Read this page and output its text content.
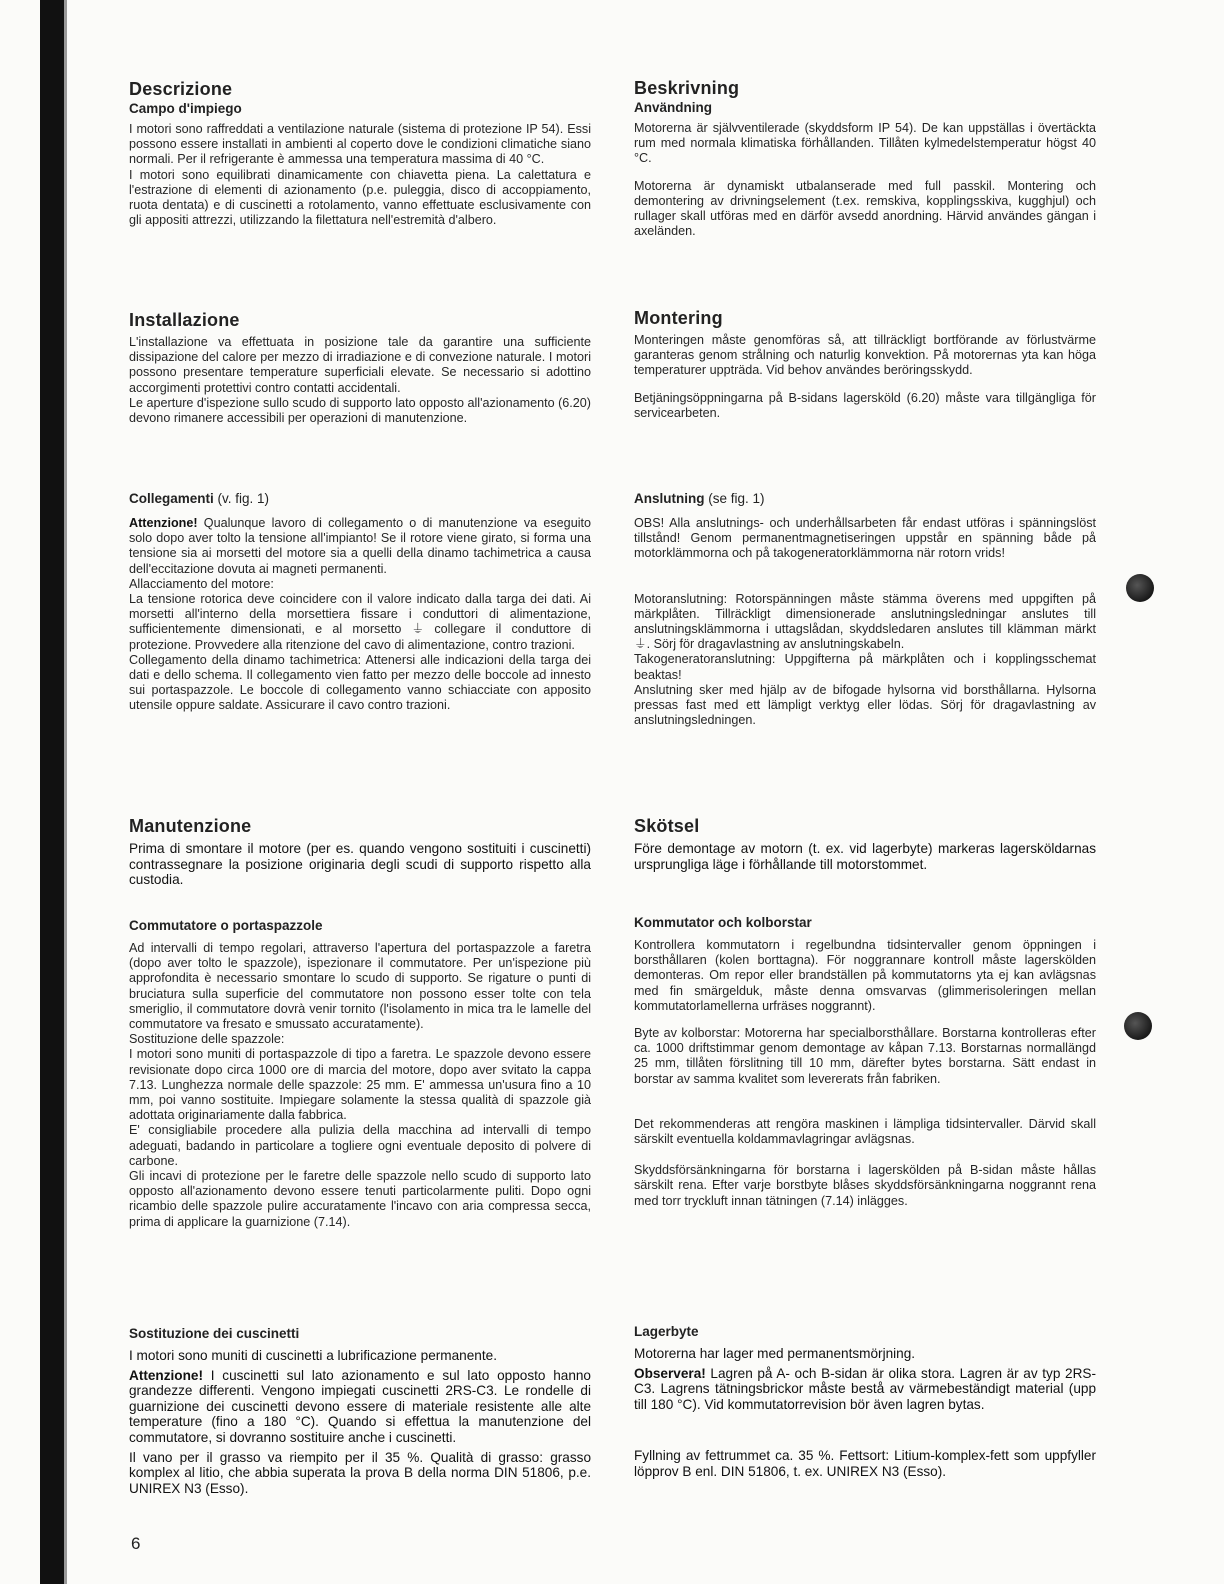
Descrizione
Campo d'impiego

I motori sono raffreddati a ventilazione naturale (sistema di protezione IP 54). Essi possono essere installati in ambienti al coperto dove le condizioni climatiche siano normali. Per il refrigerante è ammessa una temperatura massima di 40 °C.

I motori sono equilibrati dinamicamente con chiavetta piena. La calettatura e l'estrazione di elementi di azionamento (p.e. puleggia, disco di accoppiamento, ruota dentata) e di cuscinetti a rotolamento, vanno effettuate esclusivamente con gli appositi attrezzi, utilizzando la filettatura nell'estremità d'albero.

Installazione

L'installazione va effettuata in posizione tale da garantire una sufficiente dissipazione del calore per mezzo di irradiazione e di convezione naturale. I motori possono presentare temperature superficiali elevate. Se necessario si adottino accorgimenti protettivi contro contatti accidentali.

Le aperture d'ispezione sullo scudo di supporto lato opposto all'azionamento (6.20) devono rimanere accessibili per operazioni di manutenzione.

Collegamenti (v. fig. 1)

Attenzione! Qualunque lavoro di collegamento o di manutenzione va eseguito solo dopo aver tolto la tensione all'impianto! Se il rotore viene girato, si forma una tensione sia ai morsetti del motore sia a quelli della dinamo tachimetrica a causa dell'eccitazione dovuta ai magneti permanenti.

Allacciamento del motore:

La tensione rotorica deve coincidere con il valore indicato dalla targa dei dati. Ai morsetti all'interno della morsettiera fissare i conduttori di alimentazione, sufficientemente dimensionati, e al morsetto ⏚ collegare il conduttore di protezione. Provvedere alla ritenzione del cavo di alimentazione, contro trazioni.

Collegamento della dinamo tachimetrica: Attenersi alle indicazioni della targa dei dati e dello schema. Il collegamento vien fatto per mezzo delle boccole ad innesto sui portaspazzole. Le boccole di collegamento vanno schiacciate con apposito utensile oppure saldate. Assicurare il cavo contro trazioni.

Manutenzione

Prima di smontare il motore (per es. quando vengono sostituiti i cuscinetti) contrassegnare la posizione originaria degli scudi di supporto rispetto alla custodia.

Commutatore o portaspazzole

Ad intervalli di tempo regolari, attraverso l'apertura del portaspazzole a faretra (dopo aver tolto le spazzole), ispezionare il commutatore. Per un'ispezione più approfondita è necessario smontare lo scudo di supporto. Se rigature o punti di bruciatura sulla superficie del commutatore non possono esser tolte con tela smeriglio, il commutatore dovrà venir tornito (l'isolamento in mica tra le lamelle del commutatore va fresato e smussato accuratamente).

Sostituzione delle spazzole:

I motori sono muniti di portaspazzole di tipo a faretra. Le spazzole devono essere revisionate dopo circa 1000 ore di marcia del motore, dopo aver svitato la cappa 7.13. Lunghezza normale delle spazzole: 25 mm. E' ammessa un'usura fino a 10 mm, poi vanno sostituite. Impiegare solamente la stessa qualità di spazzole già adottata originariamente dalla fabbrica.

E' consigliabile procedere alla pulizia della macchina ad intervalli di tempo adeguati, badando in particolare a togliere ogni eventuale deposito di polvere di carbone.

Gli incavi di protezione per le faretre delle spazzole nello scudo di supporto lato opposto all'azionamento devono essere tenuti particolarmente puliti. Dopo ogni ricambio delle spazzole pulire accuratamente l'incavo con aria compressa secca, prima di applicare la guarnizione (7.14).

Sostituzione dei cuscinetti

I motori sono muniti di cuscinetti a lubrificazione permanente.

Attenzione! I cuscinetti sul lato azionamento e sul lato opposto hanno grandezze differenti. Vengono impiegati cuscinetti 2RS-C3. Le rondelle di guarnizione dei cuscinetti devono essere di materiale resistente alle alte temperature (fino a 180 °C). Quando si effettua la manutenzione del commutatore, si dovranno sostituire anche i cuscinetti.

Il vano per il grasso va riempito per il 35 %. Qualità di grasso: grasso komplex al litio, che abbia superata la prova B della norma DIN 51806, p.e. UNIREX N3 (Esso).

Beskrivning
Användning

Motorerna är självventilerade (skyddsform IP 54). De kan uppställas i övertäckta rum med normala klimatiska förhållanden. Tillåten kylmedelstemperatur högst 40 °C.

Motorerna är dynamiskt utbalanserade med full passkil. Montering och demontering av drivningselement (t.ex. remskiva, kopplingsskiva, kugghjul) och rullager skall utföras med en därför avsedd anordning. Härvid användes gängan i axeländen.

Montering

Monteringen måste genomföras så, att tillräckligt bortförande av förlustvärme garanteras genom strålning och naturlig konvektion. På motorernas yta kan höga temperaturer uppträda. Vid behov användes beröringsskydd.

Betjäningsöppningarna på B-sidans lagersköld (6.20) måste vara tillgängliga för servicearbeten.

Anslutning (se fig. 1)

OBS! Alla anslutnings- och underhållsarbeten får endast utföras i spänningslöst tillstånd! Genom permanentmagnetiseringen uppstår en spänning både på motorklämmorna och på takogeneratorklämmorna när rotorn vrids!

Motoranslutning: Rotorspänningen måste stämma överens med uppgiften på märkplåten. Tillräckligt dimensionerade anslutningsledningar anslutes till anslutningsklämmorna i uttagslådan, skyddsledaren anslutes till klämman märkt ⏚. Sörj för dragavlastning av anslutningskabeln.

Takogeneratoranslutning: Uppgifterna på märkplåten och i kopplingsschemat beaktas!

Anslutning sker med hjälp av de bifogade hylsorna vid borsthållarna. Hylsorna pressas fast med ett lämpligt verktyg eller lödas. Sörj för dragavlastning av anslutningsledningen.

Skötsel

Före demontage av motorn (t. ex. vid lagerbyte) markeras lagersköldarnas ursprungliga läge i förhållande till motorstommet.

Kommutator och kolborstar

Kontrollera kommutatorn i regelbundna tidsintervaller genom öppningen i borsthållaren (kolen borttagna). För noggrannare kontroll måste lagerskölden demonteras. Om repor eller brandställen på kommutatorns yta ej kan avlägsnas med fin smärgelduk, måste denna omsvarvas (glimmerisoleringen mellan kommutatorlamellerna urfräses noggrannt).

Byte av kolborstar: Motorerna har specialborsthållare. Borstarna kontrolleras efter ca. 1000 driftstimmar genom demontage av kåpan 7.13. Borstarnas normallängd 25 mm, tillåten förslitning till 10 mm, därefter bytes borstarna. Sätt endast in borstar av samma kvalitet som levererats från fabriken.

Det rekommenderas att rengöra maskinen i lämpliga tidsintervaller. Därvid skall särskilt eventuella koldammavlagringar avlägsnas.

Skyddsförsänkningarna för borstarna i lagerskölden på B-sidan måste hållas särskilt rena. Efter varje borstbyte blåses skyddsförsänkningarna noggrannt rena med torr tryckluft innan tätningen (7.14) inlägges.

Lagerbyte

Motorerna har lager med permanentsmörjning.

Observera! Lagren på A- och B-sidan är olika stora. Lagren är av typ 2RS-C3. Lagrens tätningsbrickor måste bestå av värmebeständigt material (upp till 180 °C). Vid kommutatorrevision bör även lagren bytas.

Fyllning av fettrummet ca. 35 %. Fettsort: Litium-komplex-fett som uppfyller löpprov B enl. DIN 51806, t. ex. UNIREX N3 (Esso).

6
